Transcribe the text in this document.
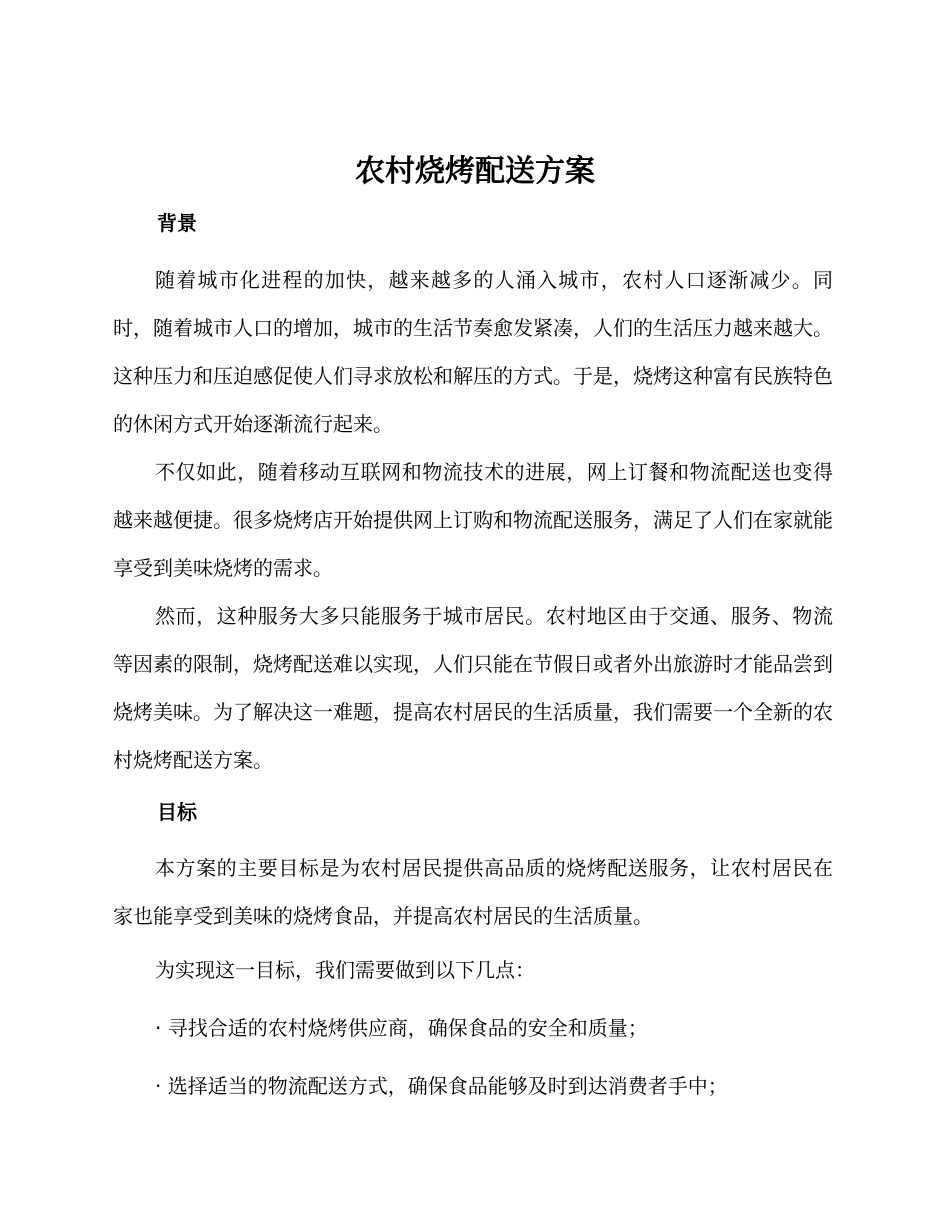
农村烧烤配送方案
背景

随着城市化进程的加快，越来越多的人涌入城市，农村人口逐渐减少。同时，随着城市人口的增加，城市的生活节奏愈发紧凑，人们的生活压力越来越大。这种压力和压迫感促使人们寻求放松和解压的方式。于是，烧烤这种富有民族特色的休闲方式开始逐渐流行起来。

不仅如此，随着移动互联网和物流技术的进展，网上订餐和物流配送也变得越来越便捷。很多烧烤店开始提供网上订购和物流配送服务，满足了人们在家就能享受到美味烧烤的需求。

然而，这种服务大多只能服务于城市居民。农村地区由于交通、服务、物流等因素的限制，烧烤配送难以实现，人们只能在节假日或者外出旅游时才能品尝到烧烤美味。为了解决这一难题，提高农村居民的生活质量，我们需要一个全新的农村烧烤配送方案。

目标

本方案的主要目标是为农村居民提供高品质的烧烤配送服务，让农村居民在家也能享受到美味的烧烤食品，并提高农村居民的生活质量。

为实现这一目标，我们需要做到以下几点：

· 寻找合适的农村烧烤供应商，确保食品的安全和质量；

· 选择适当的物流配送方式，确保食品能够及时到达消费者手中；
